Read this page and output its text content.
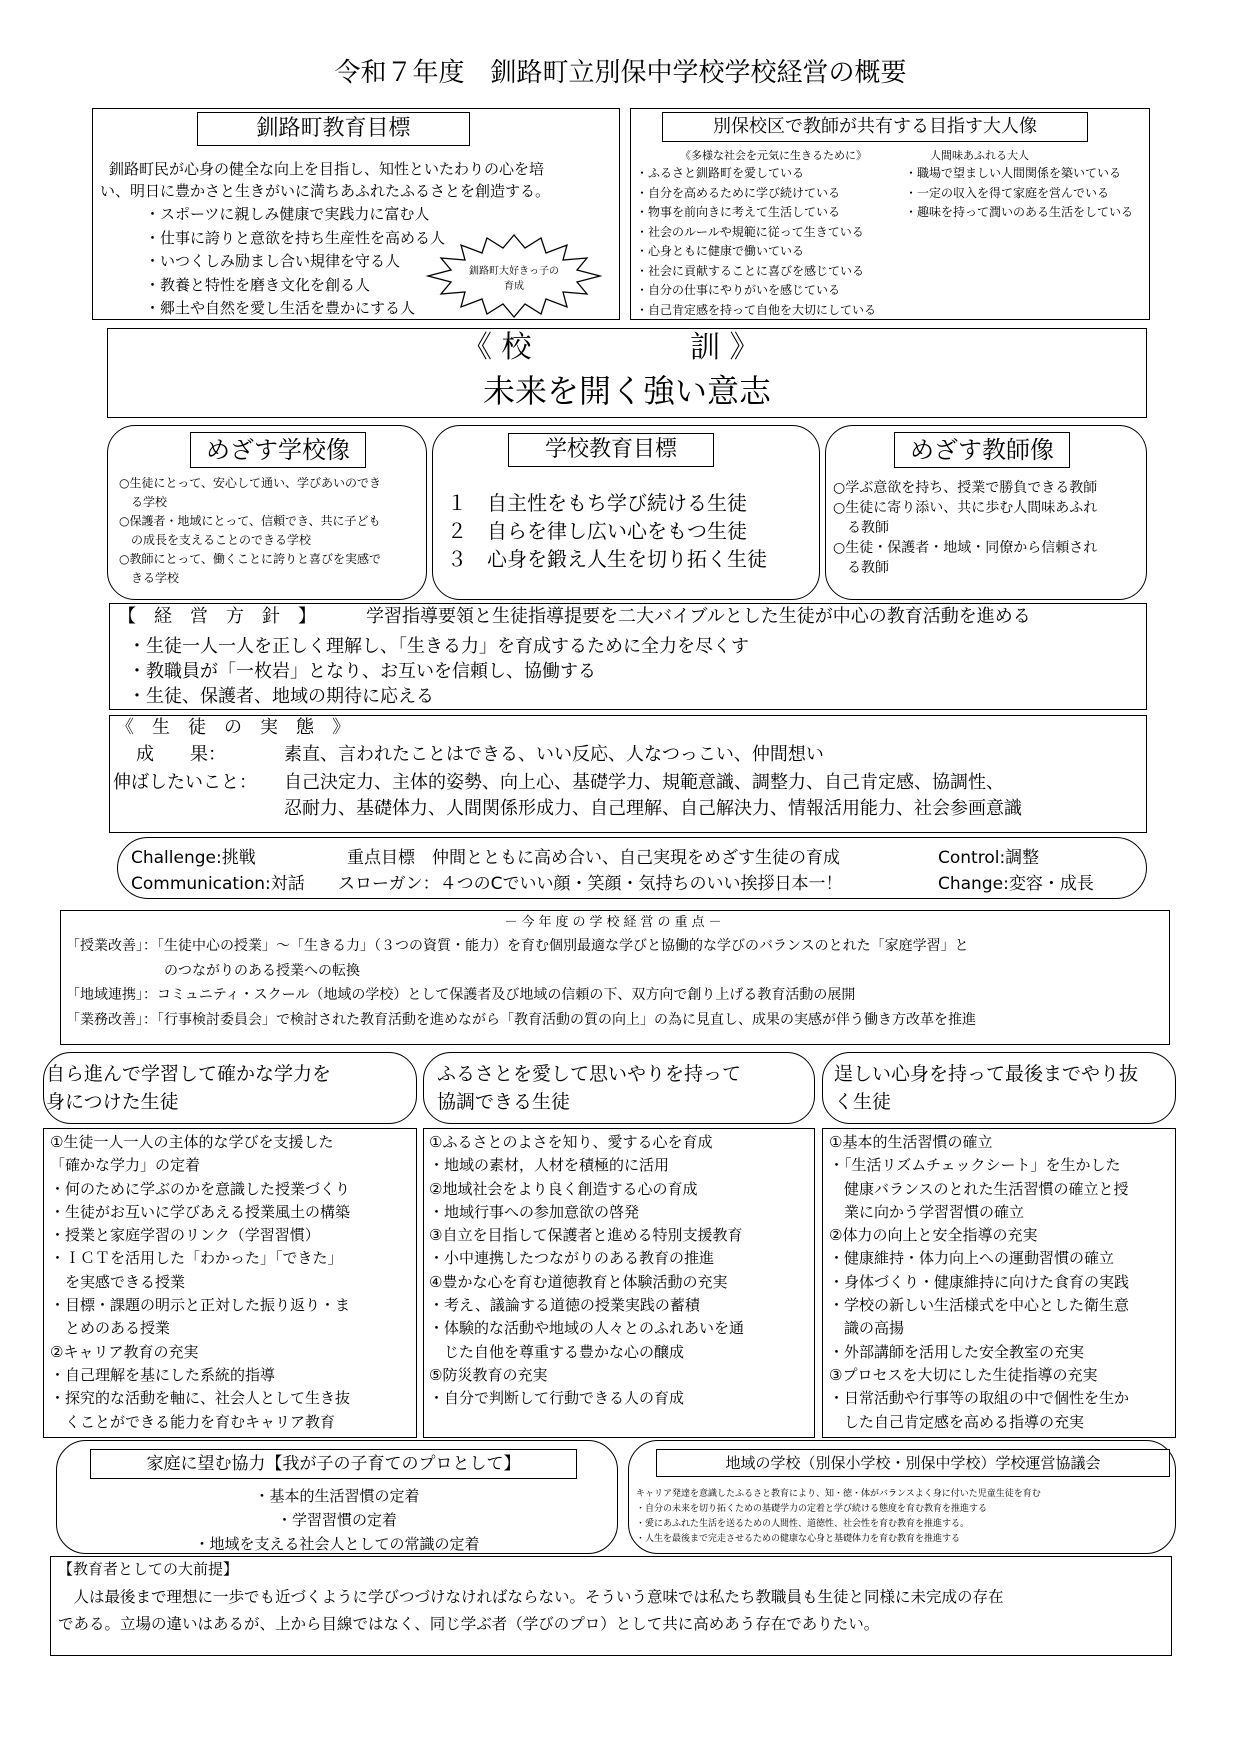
令和７年度　釧路町立別保中学校学校経営の概要
釧路町教育目標
釧路町民が心身の健全な向上を目指し、知性といたわりの心を培
い、明日に豊かさと生きがいに満ちあふれたふるさとを創造する。
・スポーツに親しみ健康で実践力に富む人
・仕事に誇りと意欲を持ち生産性を高める人
・いつくしみ励まし合い規律を守る人
・教養と特性を磨き文化を創る人
・郷土や自然を愛し生活を豊かにする人
釧路町大好きっ子の
育成
別保校区で教師が共有する目指す大人像
《多様な社会を元気に生きるために》	人間味あふれる大人
・ふるさと釧路町を愛している
・自分を高めるために学び続けている
・物事を前向きに考えて生活している
・社会のルールや規範に従って生きている
・心身ともに健康で働いている
・社会に貢献することに喜びを感じている
・自分の仕事にやりがいを感じている
・自己肯定感を持って自他を大切にしている
・職場で望ましい人間関係を築いている
・一定の収入を得て家庭を営んでいる
・趣味を持って潤いのある生活をしている
《 校	訓 》
未来を開く強い意志
めざす学校像
○生徒にとって、安心して通い、学びあいのでき
　る学校
○保護者・地域にとって、信頼でき、共に子ども
　の成長を支えることのできる学校
○教師にとって、働くことに誇りと喜びを実感で
　きる学校
学校教育目標
１　自主性をもち学び続ける生徒
２　自らを律し広い心をもつ生徒
３　心身を鍛え人生を切り拓く生徒
めざす教師像
○学ぶ意欲を持ち、授業で勝負できる教師
○生徒に寄り添い、共に歩む人間味あふれ
　る教師
○生徒・保護者・地域・同僚から信頼され
　る教師
【　経　営　方　針　】	学習指導要領と生徒指導提要を二大バイブルとした生徒が中心の教育活動を進める
・生徒一人一人を正しく理解し、「生きる力」を育成するために全力を尽くす
・教職員が「一枚岩」となり、お互いを信頼し、協働する
・生徒、保護者、地域の期待に応える
《　生　徒　の　実　態　》
成　　果：	素直、言われたことはできる、いい反応、人なつっこい、仲間想い
伸ばしたいこと： 自己決定力、主体的姿勢、向上心、基礎学力、規範意識、調整力、自己肯定感、協調性、
忍耐力、基礎体力、人間関係形成力、自己理解、自己解決力、情報活用能力、社会参画意識
Challenge:挑戦	重点目標　仲間とともに高め合い、自己実現をめざす生徒の育成	Control:調整
Communication:対話 スローガン：４つのCでいい顔・笑顔・気持ちのいい挨拶日本一！	Change:変容・成長
－今年度の学校経営の重点－
「授業改善」：「生徒中心の授業」～「生きる力」（３つの資質・能力）を育む個別最適な学びと協働的な学びのバランスのとれた「家庭学習」と
　　　　　　　のつながりのある授業への転換
「地域連携」：コミュニティ・スクール（地域の学校）として保護者及び地域の信頼の下、双方向で創り上げる教育活動の展開
「業務改善」：「行事検討委員会」で検討された教育活動を進めながら「教育活動の質の向上」の為に見直し、成果の実感が伴う働き方改革を推進
自ら進んで学習して確かな学力を
身につけた生徒
ふるさとを愛して思いやりを持って
協調できる生徒
逞しい心身を持って最後までやり抜
く生徒
①生徒一人一人の主体的な学びを支援した
「確かな学力」の定着
・何のために学ぶのかを意識した授業づくり
・生徒がお互いに学びあえる授業風土の構築
・授業と家庭学習のリンク（学習習慣）
・ＩＣＴを活用した「わかった」「できた」
　を実感できる授業
・目標・課題の明示と正対した振り返り・ま
　とめのある授業
②キャリア教育の充実
・自己理解を基にした系統的指導
・探究的な活動を軸に、社会人として生き抜
　くことができる能力を育むキャリア教育
①ふるさとのよさを知り、愛する心を育成
・地域の素材，人材を積極的に活用
②地域社会をより良く創造する心の育成
・地域行事への参加意欲の啓発
③自立を目指して保護者と進める特別支援教育
・小中連携したつながりのある教育の推進
④豊かな心を育む道徳教育と体験活動の充実
・考え、議論する道徳の授業実践の蓄積
・体験的な活動や地域の人々とのふれあいを通
　じた自他を尊重する豊かな心の醸成
⑤防災教育の充実
・自分で判断して行動できる人の育成
①基本的生活習慣の確立
・「生活リズムチェックシート」を生かした
　健康バランスのとれた生活習慣の確立と授
　業に向かう学習習慣の確立
②体力の向上と安全指導の充実
・健康維持・体力向上への運動習慣の確立
・身体づくり・健康維持に向けた食育の実践
・学校の新しい生活様式を中心とした衛生意
　識の高揚
・外部講師を活用した安全教室の充実
③プロセスを大切にした生徒指導の充実
・日常活動や行事等の取組の中で個性を生か
　した自己肯定感を高める指導の充実
家庭に望む協力【我が子の子育てのプロとして】
・基本的生活習慣の定着
・学習習慣の定着
・地域を支える社会人としての常識の定着
地域の学校（別保小学校・別保中学校）学校運営協議会
キャリア発達を意識したふるさと教育により、知・徳・体がバランスよく身に付いた児童生徒を育む
・自分の未来を切り拓くための基礎学力の定着と学び続ける態度を育む教育を推進する
・愛にあふれた生活を送るための人間性、道徳性、社会性を育む教育を推進する。
・人生を最後まで完走させるための健康な心身と基礎体力を育む教育を推進する
【教育者としての大前提】
　人は最後まで理想に一歩でも近づくように学びつづけなければならない。そういう意味では私たち教職員も生徒と同様に未完成の存在
である。立場の違いはあるが、上から目線ではなく、同じ学ぶ者（学びのプロ）として共に高めあう存在でありたい。
